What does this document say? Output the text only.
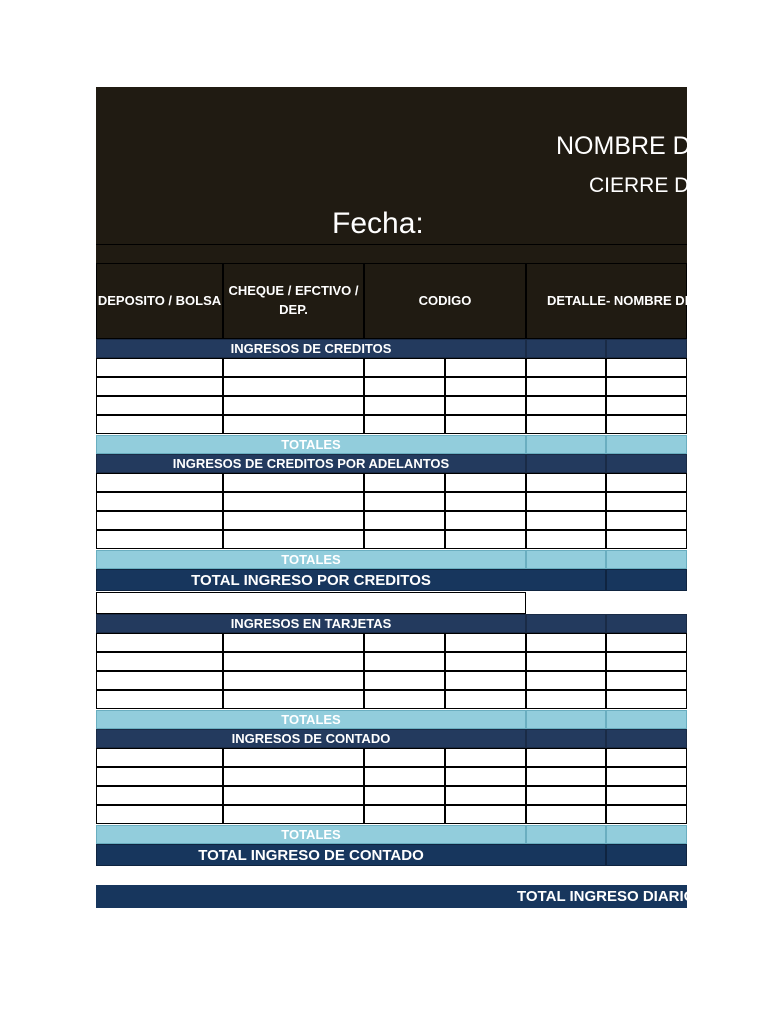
NOMBRE DE
CIERRE DE
Fecha:
DEPOSITO / BOLSA
CHEQUE / EFCTIVO /
DEP.
CODIGO	DETALLE- NOMBRE DE
INGRESOS DE CREDITOS
TOTALES
INGRESOS DE CREDITOS POR ADELANTOS
TOTALES
TOTAL INGRESO POR CREDITOS
INGRESOS EN TARJETAS
TOTALES
INGRESOS DE CONTADO
TOTALES
TOTAL INGRESO DE CONTADO
TOTAL INGRESO DIARIO
